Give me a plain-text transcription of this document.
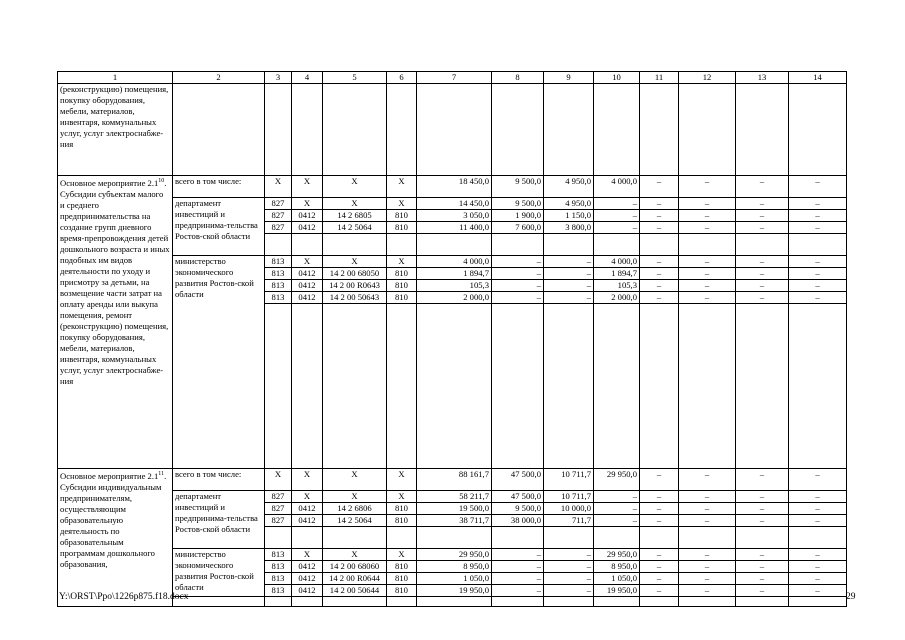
1	2	3	4	5	6	7	8	9	10	11	12	13	14
(реконструкцию) помещения, покупку оборудования, мебели, материалов, инвентаря, коммунальных услуг, услуг электроснабже-ния													
Основное мероприятие $2.1^{10}$.
Субсидии субъектам малого и среднего предпринимательства на создание групп дневного время-препровождения детей дошкольного возраста и иных подобных им видов деятельности по уходу и присмотру за детьми, на возмещение части затрат на оплату аренды или выкупа помещения, ремонт (реконструкцию) помещения, покупку оборудования, мебели, материалов, инвентаря, коммунальных услуг, услуг электроснабже-ния	всего в том числе:	Х	Х	Х	Х	18 450,0	9 500,0	4 950,0	4 000,0	–	–	–	–
	департамент инвестиций и предпринима-тельства Ростов-ской области	827	Х	Х	Х	14 450,0	9 500,0	4 950,0	–	–	–	–	–
		827	0412	14 2 6805	810	3 050,0	1 900,0	1 150,0	–	–	–	–	–
		827	0412	14 2 5064	810	11 400,0	7 600,0	3 800,0	–	–	–	–	–

	министерство экономического развития Ростов-ской области	813	Х	Х	Х	4 000,0	–	–	4 000,0	–	–	–	–
		813	0412	14 2 00 68050	810	1 894,7	–	–	1 894,7	–	–	–	–
		813	0412	14 2 00 R0643	810	105,3	–	–	105,3	–	–	–	–
		813	0412	14 2 00 50643	810	2 000,0	–	–	2 000,0	–	–	–	–

Основное мероприятие $2.1^{11}$.
Субсидии индивидуальным предпринимателям, осуществляющим образовательную деятельность по образовательным программам дошкольного образования,	всего в том числе:	Х	Х	Х	Х	88 161,7	47 500,0	10 711,7	29 950,0	–	–	–	–
	департамент инвестиций и предпринима-тельства Ростов-ской области	827	Х	Х	Х	58 211,7	47 500,0	10 711,7	–	–	–	–	–
		827	0412	14 2 6806	810	19 500,0	9 500,0	10 000,0	–	–	–	–	–
		827	0412	14 2 5064	810	38 711,7	38 000,0	711,7	–	–	–	–	–

	министерство экономического развития Ростов-ской области	813	Х	Х	Х	29 950,0	–	–	29 950,0	–	–	–	–
		813	0412	14 2 00 68060	810	8 950,0	–	–	8 950,0	–	–	–	–
		813	0412	14 2 00 R0644	810	1 050,0	–	–	1 050,0	–	–	–	–
		813	0412	14 2 00 50644	810	19 950,0	–	–	19 950,0	–	–	–	–

Y:\ORST\Ppo\1226p875.f18.docx	29
